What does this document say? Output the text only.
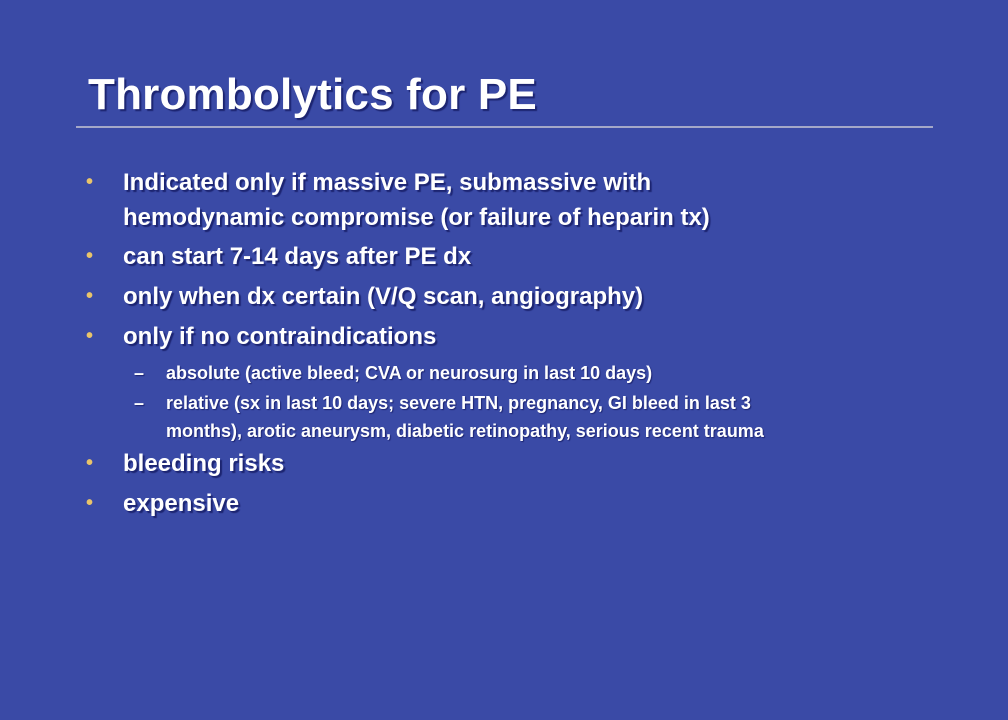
Thrombolytics for PE
• Indicated only if massive PE, submassive with
hemodynamic compromise (or failure of heparin tx)
• can start 7-14 days after PE dx
• only when dx certain (V/Q scan, angiography)
• only if no contraindications
– absolute (active bleed; CVA or neurosurg in last 10 days)
– relative (sx in last 10 days; severe HTN, pregnancy, GI bleed in last 3
months), arotic aneurysm, diabetic retinopathy, serious recent trauma
• bleeding risks
• expensive
